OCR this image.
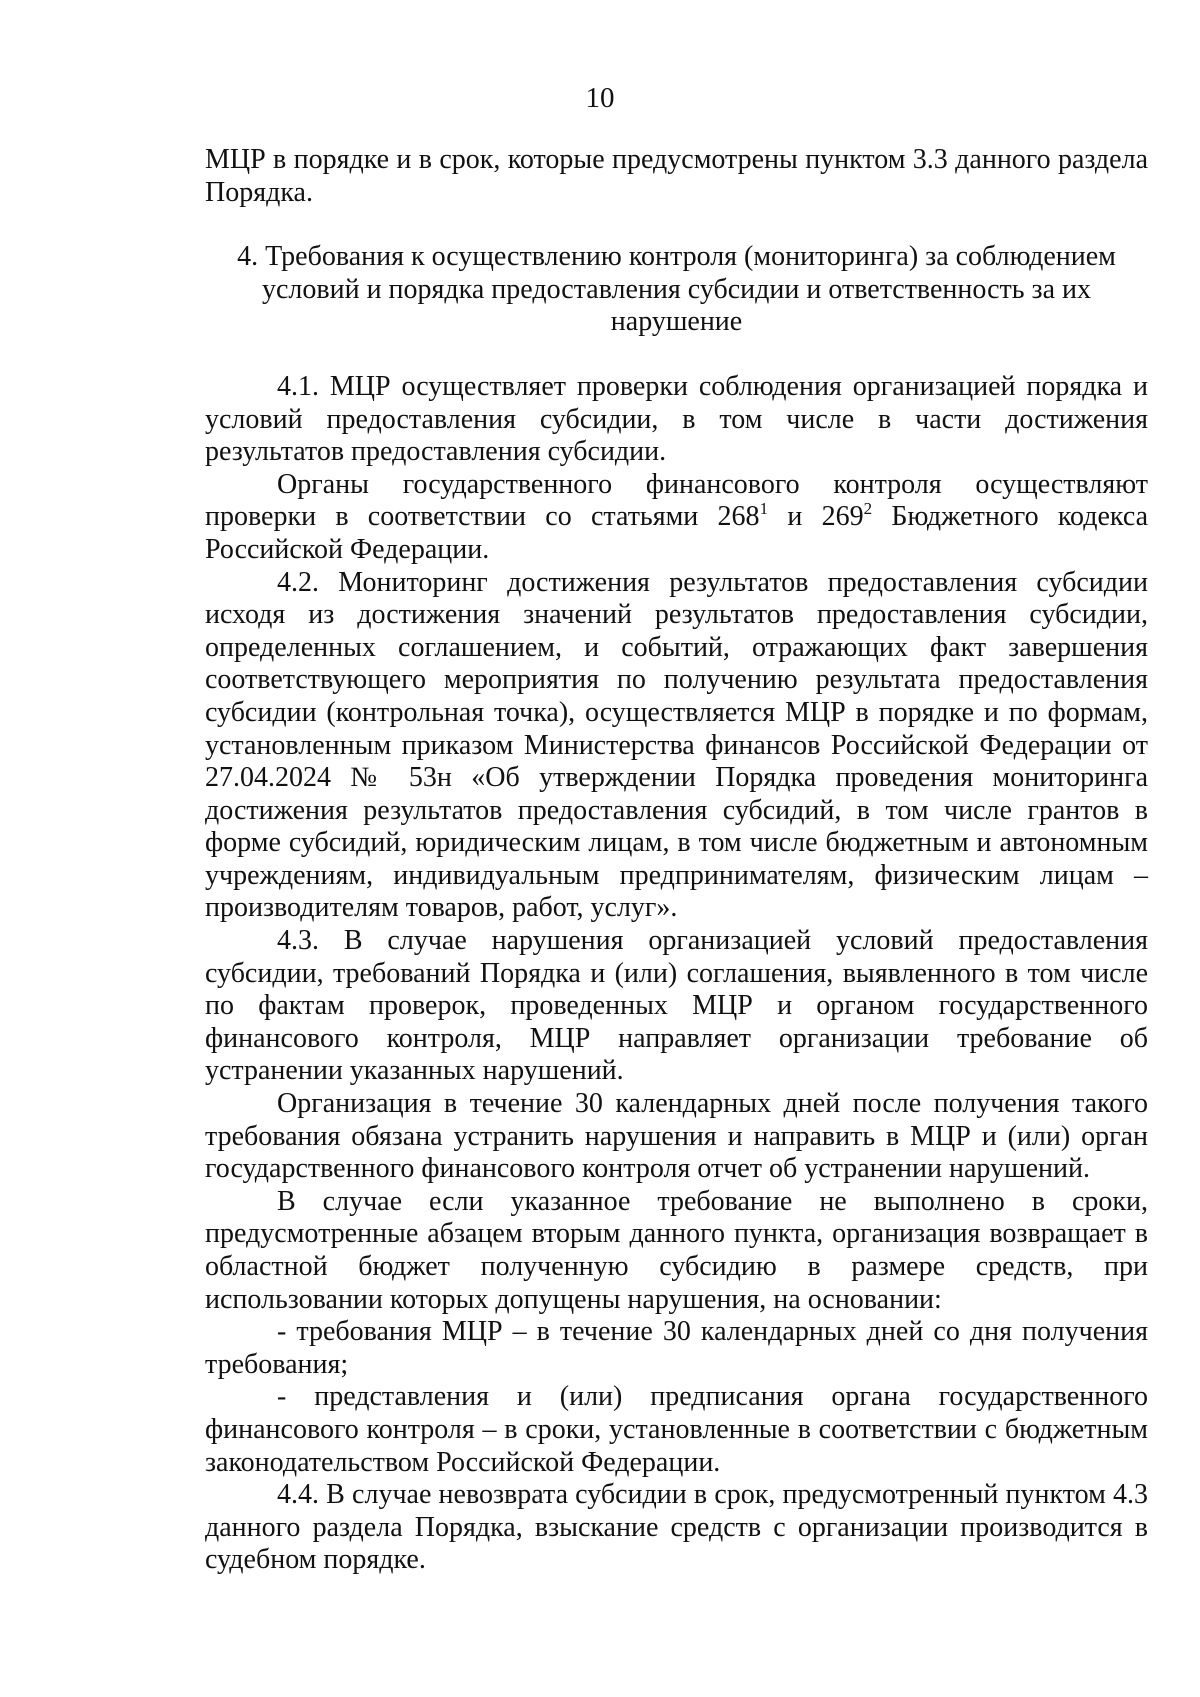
10

МЦР в порядке и в срок, которые предусмотрены пунктом 3.3 данного раздела Порядка.

4. Требования к осуществлению контроля (мониторинга) за соблюдением
условий и порядка предоставления субсидии и ответственность за их
нарушение

4.1. МЦР осуществляет проверки соблюдения организацией порядка и условий предоставления субсидии, в том числе в части достижения результатов предоставления субсидии.

Органы государственного финансового контроля осуществляют проверки в соответствии со статьями $268^1$ и $269^2$ Бюджетного кодекса Российской Федерации.

4.2. Мониторинг достижения результатов предоставления субсидии исходя из достижения значений результатов предоставления субсидии, определенных соглашением, и событий, отражающих факт завершения соответствующего мероприятия по получению результата предоставления субсидии (контрольная точка), осуществляется МЦР в порядке и по формам, установленным приказом Министерства финансов Российской Федерации от 27.04.2024 № 53н «Об утверждении Порядка проведения мониторинга достижения результатов предоставления субсидий, в том числе грантов в форме субсидий, юридическим лицам, в том числе бюджетным и автономным учреждениям, индивидуальным предпринимателям, физическим лицам – производителям товаров, работ, услуг».

4.3. В случае нарушения организацией условий предоставления субсидии, требований Порядка и (или) соглашения, выявленного в том числе по фактам проверок, проведенных МЦР и органом государственного финансового контроля, МЦР направляет организации требование об устранении указанных нарушений.

Организация в течение 30 календарных дней после получения такого требования обязана устранить нарушения и направить в МЦР и (или) орган государственного финансового контроля отчет об устранении нарушений.

В случае если указанное требование не выполнено в сроки, предусмотренные абзацем вторым данного пункта, организация возвращает в областной бюджет полученную субсидию в размере средств, при использовании которых допущены нарушения, на основании:

- требования МЦР – в течение 30 календарных дней со дня получения требования;

- представления и (или) предписания органа государственного финансового контроля – в сроки, установленные в соответствии с бюджетным законодательством Российской Федерации.

4.4. В случае невозврата субсидии в срок, предусмотренный пунктом 4.3 данного раздела Порядка, взыскание средств с организации производится в судебном порядке.
